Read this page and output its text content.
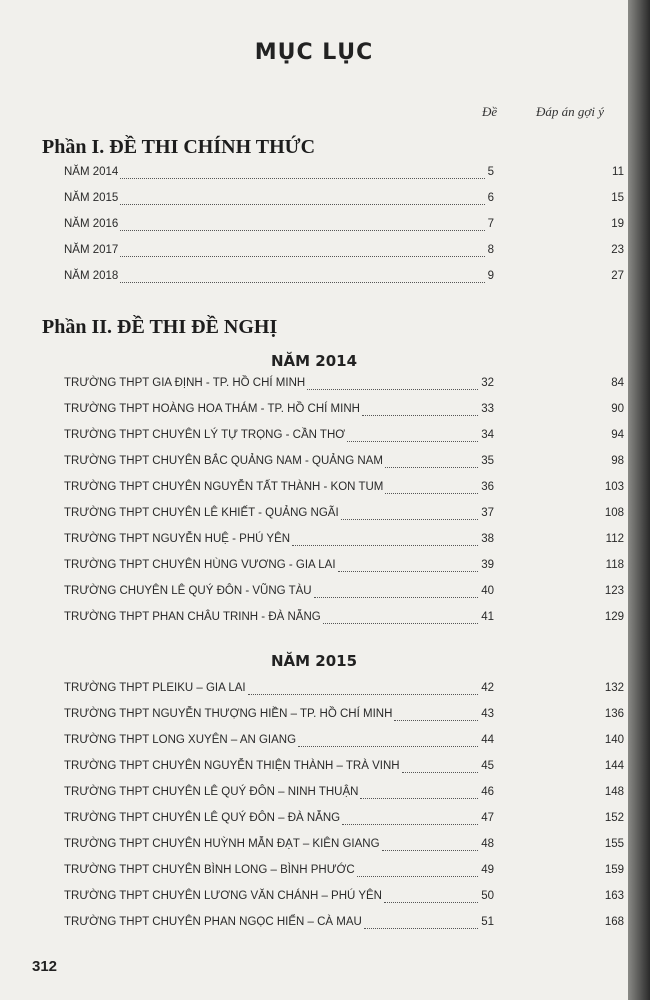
MỤC LỤC
Đề	Đáp án gợi ý
Phần I. ĐỀ THI CHÍNH THỨC
NĂM 2014	5	11
NĂM 2015	6	15
NĂM 2016	7	19
NĂM 2017	8	23
NĂM 2018	9	27
Phần II. ĐỀ THI ĐỀ NGHỊ
NĂM 2014
TRƯỜNG THPT GIA ĐỊNH - TP. HỒ CHÍ MINH	32	84
TRƯỜNG THPT HOÀNG HOA THÁM - TP. HỒ CHÍ MINH	33	90
TRƯỜNG THPT CHUYÊN LÝ TỰ TRỌNG - CẦN THƠ	34	94
TRƯỜNG THPT CHUYÊN BẮC QUẢNG NAM - QUẢNG NAM	35	98
TRƯỜNG THPT CHUYÊN NGUYỄN TẤT THÀNH - KON TUM	36	103
TRƯỜNG THPT CHUYÊN LÊ KHIẾT - QUẢNG NGÃI	37	108
TRƯỜNG THPT NGUYỄN HUỆ - PHÚ YÊN	38	112
TRƯỜNG THPT CHUYÊN HÙNG VƯƠNG - GIA LAI	39	118
TRƯỜNG CHUYÊN LÊ QUÝ ĐÔN - VŨNG TÀU	40	123
TRƯỜNG THPT PHAN CHÂU TRINH - ĐÀ NẴNG	41	129
NĂM 2015
TRƯỜNG THPT PLEIKU – GIA LAI	42	132
TRƯỜNG THPT NGUYỄN THƯỢNG HIỀN – TP. HỒ CHÍ MINH	43	136
TRƯỜNG THPT LONG XUYÊN – AN GIANG	44	140
TRƯỜNG THPT CHUYÊN NGUYỄN THIỆN THÀNH – TRÀ VINH	45	144
TRƯỜNG THPT CHUYÊN LÊ QUÝ ĐÔN – NINH THUẬN	46	148
TRƯỜNG THPT CHUYÊN LÊ QUÝ ĐÔN – ĐÀ NẴNG	47	152
TRƯỜNG THPT CHUYÊN HUỲNH MẪN ĐẠT – KIÊN GIANG	48	155
TRƯỜNG THPT CHUYÊN BÌNH LONG – BÌNH PHƯỚC	49	159
TRƯỜNG THPT CHUYÊN LƯƠNG VĂN CHÁNH – PHÚ YÊN	50	163
TRƯỜNG THPT CHUYÊN PHAN NGỌC HIỂN – CÀ MAU	51	168
312
